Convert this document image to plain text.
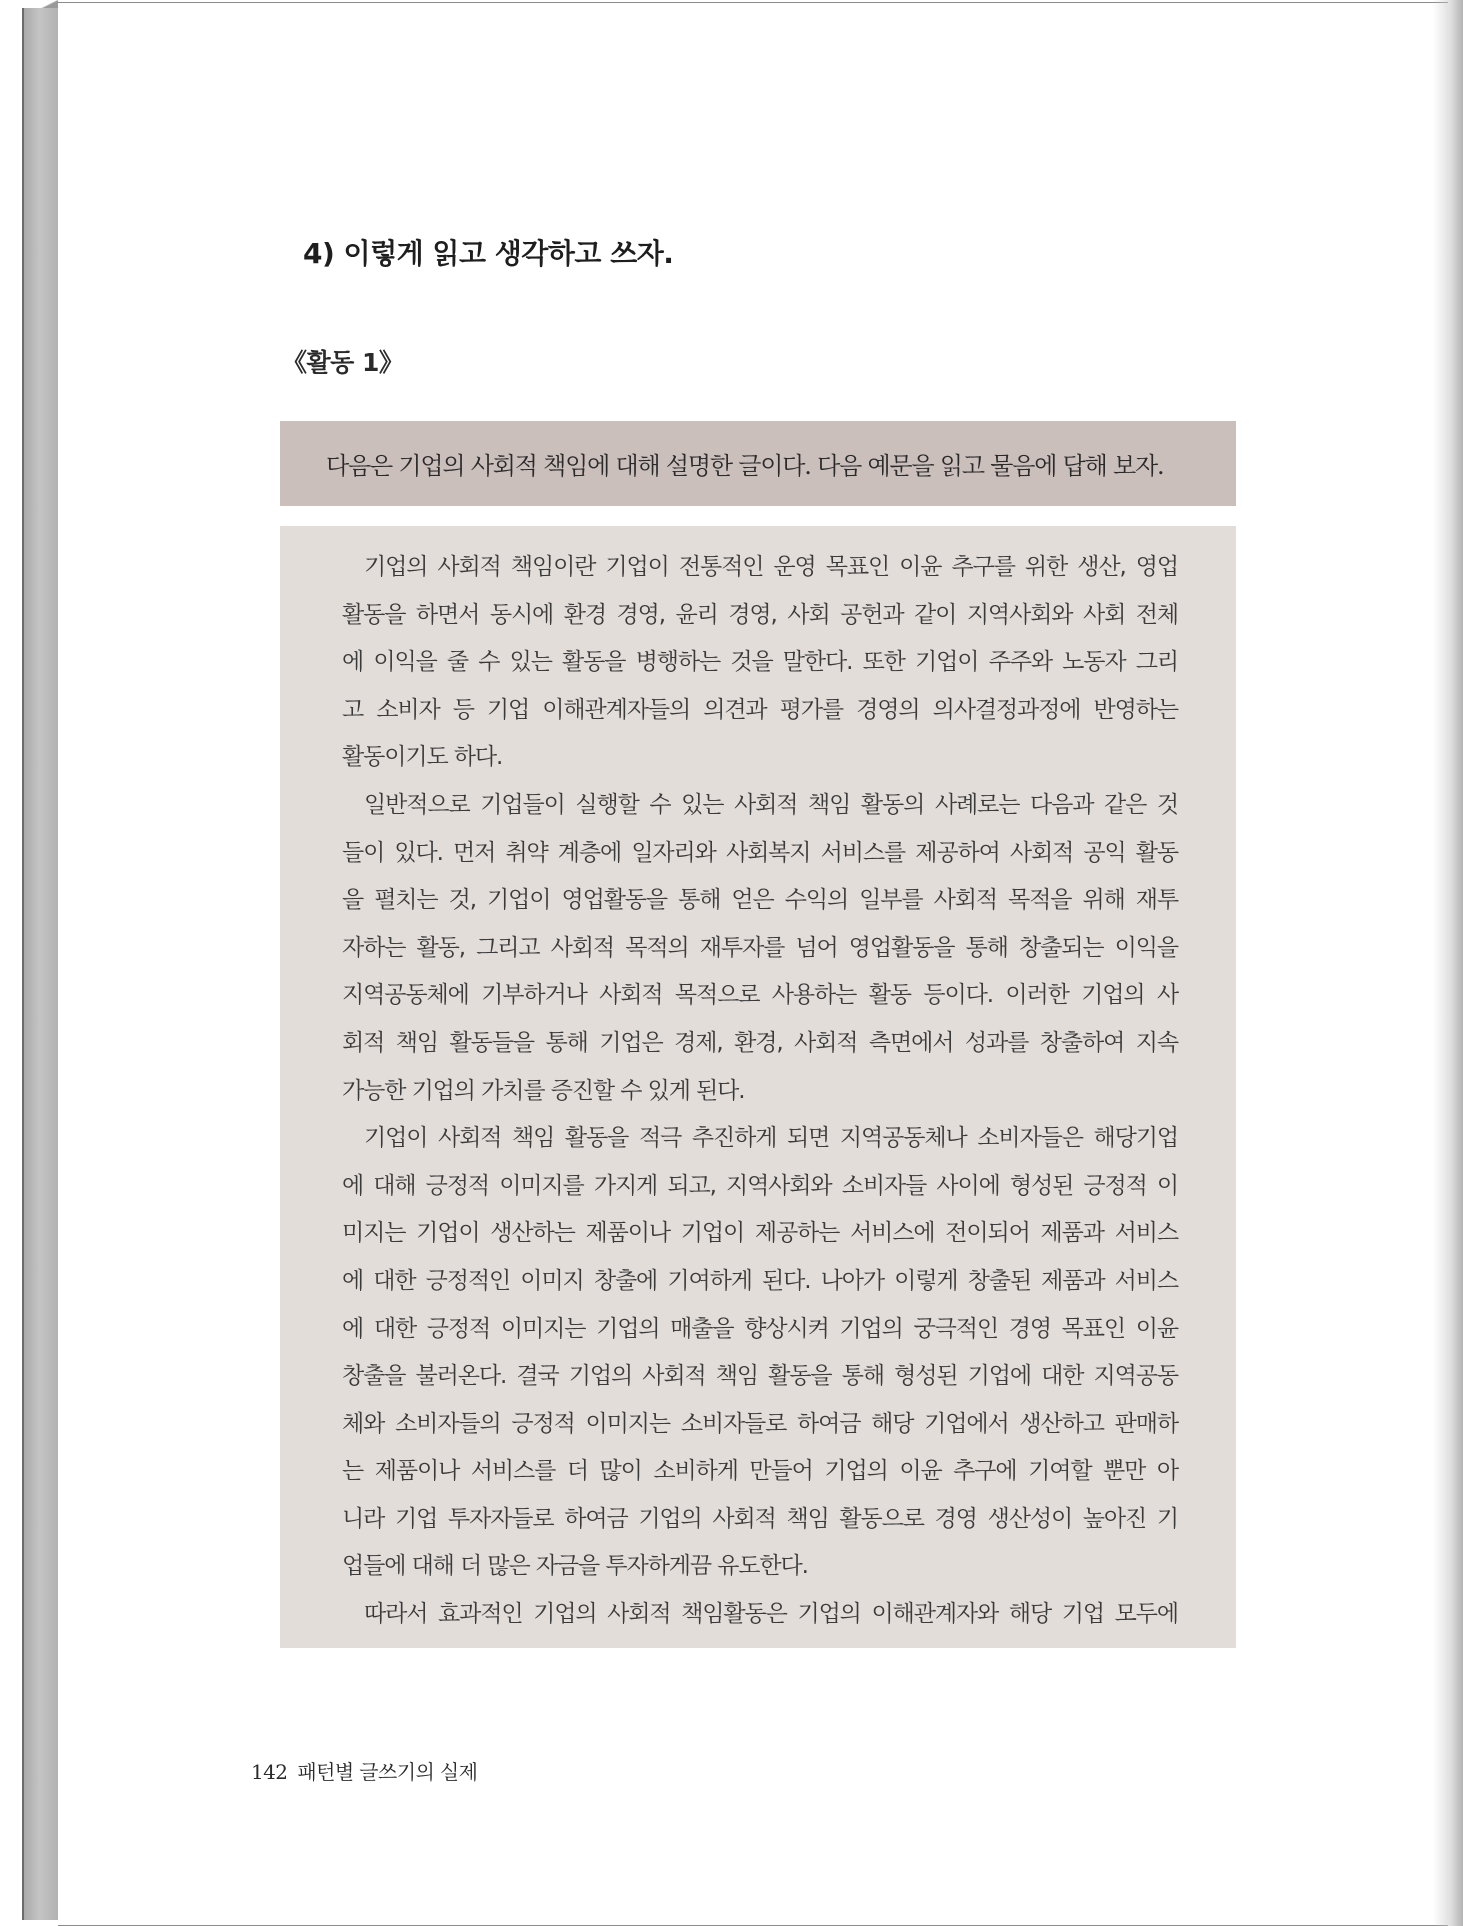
4) 이렇게 읽고 생각하고 쓰자.
《활동 1》
다음은 기업의 사회적 책임에 대해 설명한 글이다. 다음 예문을 읽고 물음에 답해 보자.
기업의 사회적 책임이란 기업이 전통적인 운영 목표인 이윤 추구를 위한 생산, 영업
활동을 하면서 동시에 환경 경영, 윤리 경영, 사회 공헌과 같이 지역사회와 사회 전체
에 이익을 줄 수 있는 활동을 병행하는 것을 말한다. 또한 기업이 주주와 노동자 그리
고 소비자 등 기업 이해관계자들의 의견과 평가를 경영의 의사결정과정에 반영하는
활동이기도 하다.
일반적으로 기업들이 실행할 수 있는 사회적 책임 활동의 사례로는 다음과 같은 것
들이 있다. 먼저 취약 계층에 일자리와 사회복지 서비스를 제공하여 사회적 공익 활동
을 펼치는 것, 기업이 영업활동을 통해 얻은 수익의 일부를 사회적 목적을 위해 재투
자하는 활동, 그리고 사회적 목적의 재투자를 넘어 영업활동을 통해 창출되는 이익을
지역공동체에 기부하거나 사회적 목적으로 사용하는 활동 등이다. 이러한 기업의 사
회적 책임 활동들을 통해 기업은 경제, 환경, 사회적 측면에서 성과를 창출하여 지속
가능한 기업의 가치를 증진할 수 있게 된다.
기업이 사회적 책임 활동을 적극 추진하게 되면 지역공동체나 소비자들은 해당기업
에 대해 긍정적 이미지를 가지게 되고, 지역사회와 소비자들 사이에 형성된 긍정적 이
미지는 기업이 생산하는 제품이나 기업이 제공하는 서비스에 전이되어 제품과 서비스
에 대한 긍정적인 이미지 창출에 기여하게 된다. 나아가 이렇게 창출된 제품과 서비스
에 대한 긍정적 이미지는 기업의 매출을 향상시켜 기업의 궁극적인 경영 목표인 이윤
창출을 불러온다. 결국 기업의 사회적 책임 활동을 통해 형성된 기업에 대한 지역공동
체와 소비자들의 긍정적 이미지는 소비자들로 하여금 해당 기업에서 생산하고 판매하
는 제품이나 서비스를 더 많이 소비하게 만들어 기업의 이윤 추구에 기여할 뿐만 아
니라 기업 투자자들로 하여금 기업의 사회적 책임 활동으로 경영 생산성이 높아진 기
업들에 대해 더 많은 자금을 투자하게끔 유도한다.
따라서 효과적인 기업의 사회적 책임활동은 기업의 이해관계자와 해당 기업 모두에
142 패턴별 글쓰기의 실제
